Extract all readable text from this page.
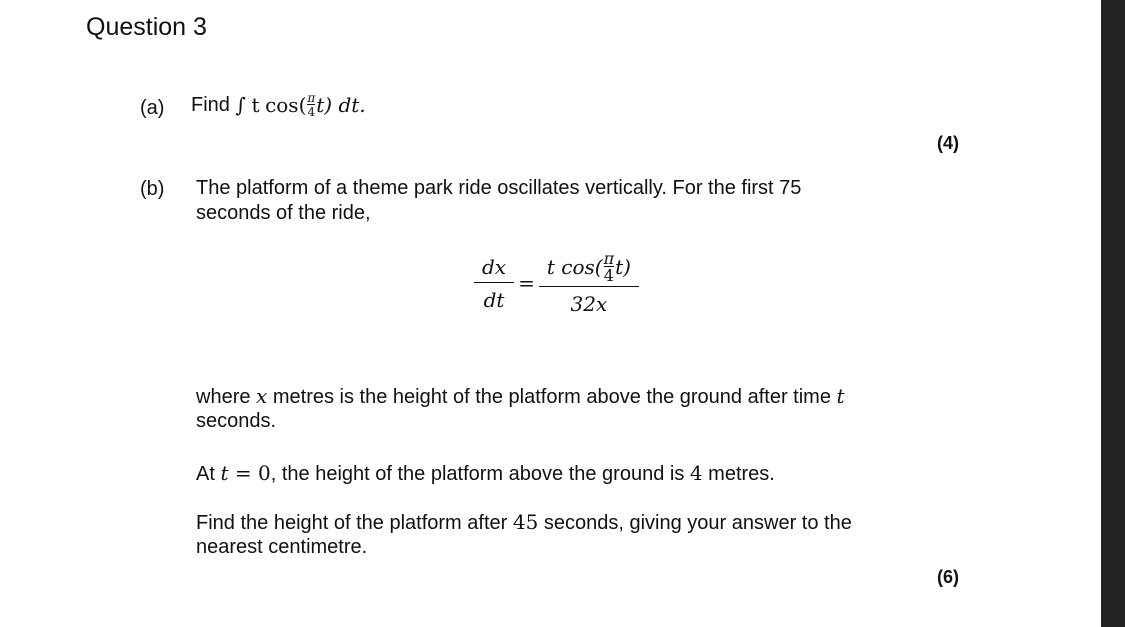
Question 3
(a) Find
∫
t
$\cos( \frac{\pi}{4} t)$ dt.
(4)
(b) The platform of a theme park ride oscillates vertically. For the first 75
seconds of the ride,
$\frac{dx}{dt} = \frac{t \cos( \frac{\pi}{4} t)}{32x}$
where x metres is the height of the platform above the ground after time t
seconds.
At t = 0, the height of the platform above the ground is 4 metres.
Find the height of the platform after 45 seconds, giving your answer to the
nearest centimetre.
(6)
